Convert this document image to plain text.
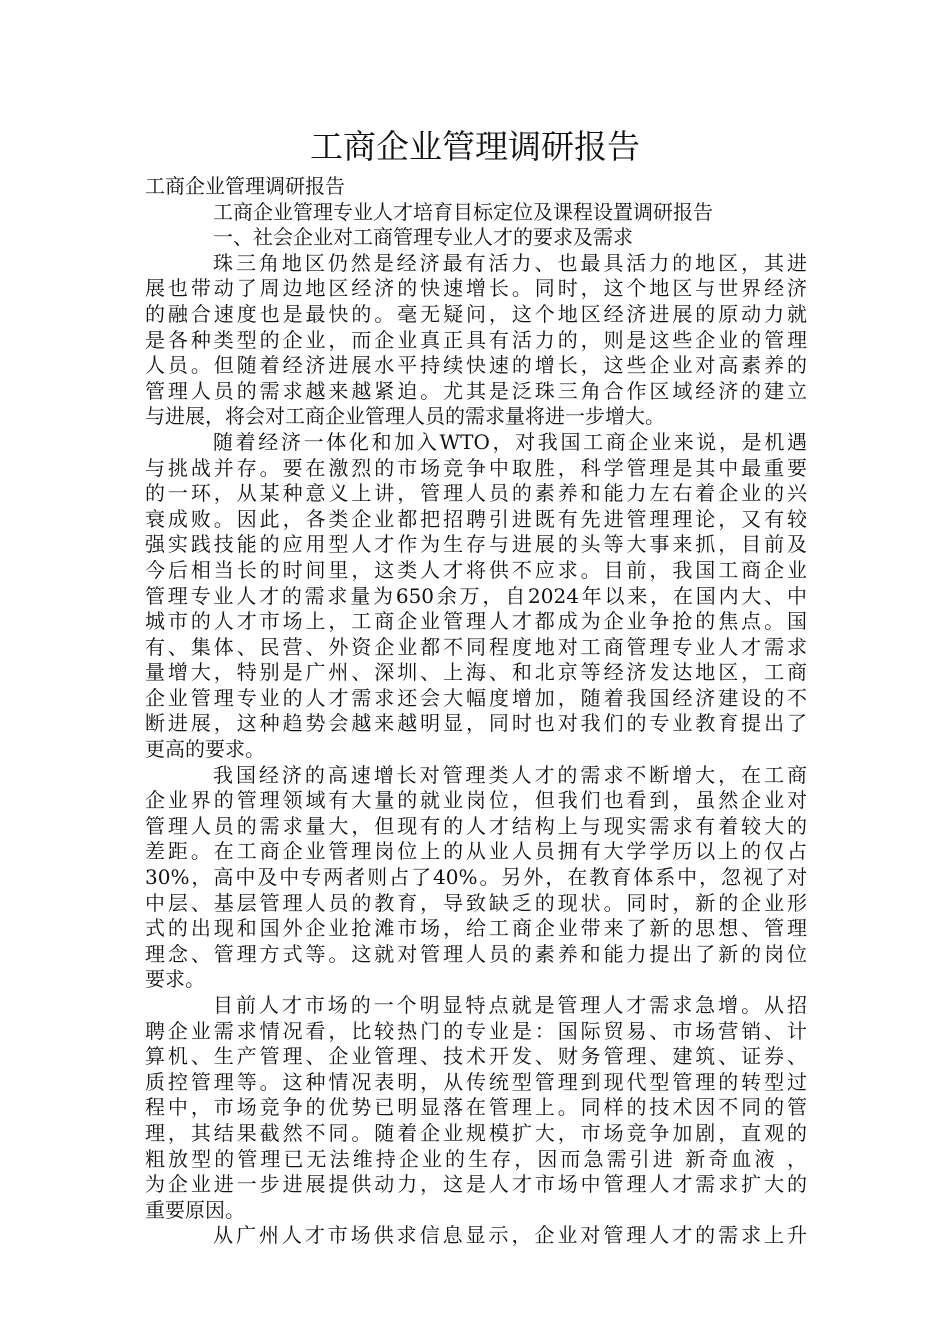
工商企业管理调研报告

工商企业管理调研报告

工商企业管理专业人才培育目标定位及课程设置调研报告

一、社会企业对工商管理专业人才的要求及需求

珠三角地区仍然是经济最有活力、也最具活力的地区，其进

展也带动了周边地区经济的快速增长。同时，这个地区与世界经济

的融合速度也是最快的。毫无疑问，这个地区经济进展的原动力就

是各种类型的企业，而企业真正具有活力的，则是这些企业的管理

人员。但随着经济进展水平持续快速的增长，这些企业对高素养的

管理人员的需求越来越紧迫。尤其是泛珠三角合作区域经济的建立

与进展，将会对工商企业管理人员的需求量将进一步增大。

随着经济一体化和加入WTO，对我国工商企业来说，是机遇

与挑战并存。要在激烈的市场竞争中取胜，科学管理是其中最重要

的一环，从某种意义上讲，管理人员的素养和能力左右着企业的兴

衰成败。因此，各类企业都把招聘引进既有先进管理理论，又有较

强实践技能的应用型人才作为生存与进展的头等大事来抓，目前及

今后相当长的时间里，这类人才将供不应求。目前，我国工商企业

管理专业人才的需求量为650余万，自2024年以来，在国内大、中

城市的人才市场上，工商企业管理人才都成为企业争抢的焦点。国

有、集体、民营、外资企业都不同程度地对工商管理专业人才需求

量增大，特别是广州、深圳、上海、和北京等经济发达地区，工商

企业管理专业的人才需求还会大幅度增加，随着我国经济建设的不

断进展，这种趋势会越来越明显，同时也对我们的专业教育提出了

更高的要求。

我国经济的高速增长对管理类人才的需求不断增大，在工商

企业界的管理领域有大量的就业岗位，但我们也看到，虽然企业对

管理人员的需求量大，但现有的人才结构上与现实需求有着较大的

差距。在工商企业管理岗位上的从业人员拥有大学学历以上的仅占

30%，高中及中专两者则占了40%。另外，在教育体系中，忽视了对

中层、基层管理人员的教育，导致缺乏的现状。同时，新的企业形

式的出现和国外企业抢滩市场，给工商企业带来了新的思想、管理

理念、管理方式等。这就对管理人员的素养和能力提出了新的岗位

要求。

目前人才市场的一个明显特点就是管理人才需求急增。从招

聘企业需求情况看，比较热门的专业是：国际贸易、市场营销、计

算机、生产管理、企业管理、技术开发、财务管理、建筑、证券、

质控管理等。这种情况表明，从传统型管理到现代型管理的转型过

程中，市场竞争的优势已明显落在管理上。同样的技术因不同的管

理，其结果截然不同。随着企业规模扩大，市场竞争加剧，直观的

粗放型的管理已无法维持企业的生存，因而急需引进 新奇血液 ，

为企业进一步进展提供动力，这是人才市场中管理人才需求扩大的

重要原因。

从广州人才市场供求信息显示，企业对管理人才的需求上升
